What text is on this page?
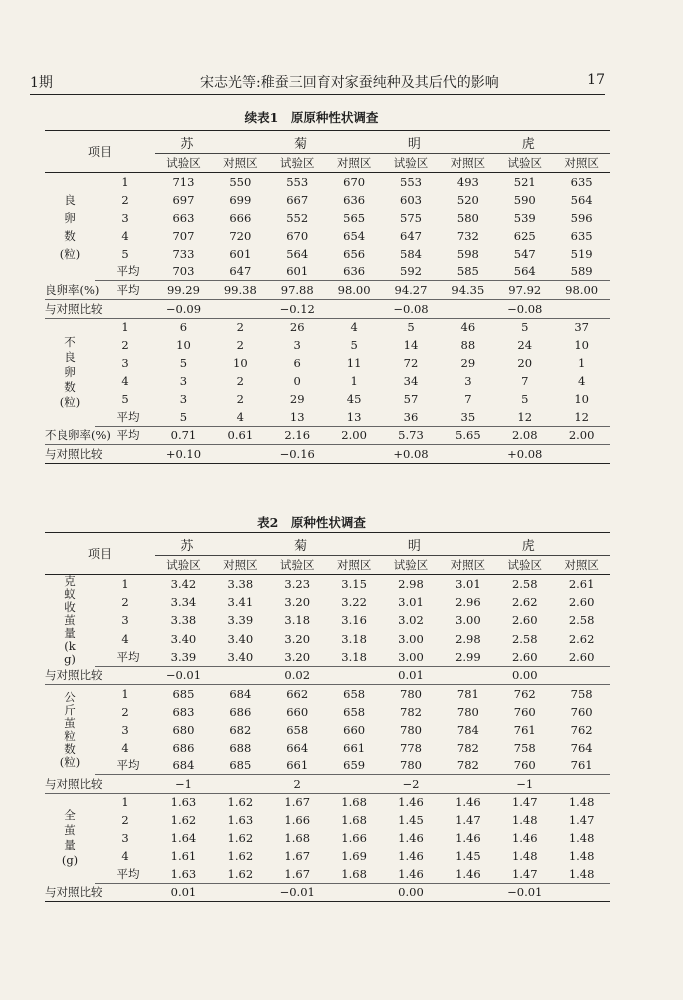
1期	宋志光等:稚蚕三回育对家蚕纯种及其后代的影响	17
续表1　原原种性状调查
项目		苏		菊		明		虎	
		试验区	对照区	试验区	对照区	试验区	对照区	试验区	对照区
良卵数(粒)	1	713	550	553	670	553	493	521	635
	2	697	699	667	636	603	520	590	564
	3	663	666	552	565	575	580	539	596
	4	707	720	670	654	647	732	625	635
	5	733	601	564	656	584	598	547	519
	平均	703	647	601	636	592	585	564	589
良卵率(%)	平均	99.29	99.38	97.88	98.00	94.27	94.35	97.92	98.00
与对照比较		−0.09		−0.12		−0.08		−0.08	
不良卵数(粒)	1	6	2	26	4	5	46	5	37
	2	10	2	3	5	14	88	24	10
	3	5	10	6	11	72	29	20	1
	4	3	2	0	1	34	3	7	4
	5	3	2	29	45	57	7	5	10
	平均	5	4	13	13	36	35	12	12
不良卵率(%)	平均	0.71	0.61	2.16	2.00	5.73	5.65	2.08	2.00
与对照比较		+0.10		−0.16		+0.08		+0.08	
表2　原种性状调查
项目		苏		菊		明		虎	
		试验区	对照区	试验区	对照区	试验区	对照区	试验区	对照区
克蚁收茧量(kg)	1	3.42	3.38	3.23	3.15	2.98	3.01	2.58	2.61
	2	3.34	3.41	3.20	3.22	3.01	2.96	2.62	2.60
	3	3.38	3.39	3.18	3.16	3.02	3.00	2.60	2.58
	4	3.40	3.40	3.20	3.18	3.00	2.98	2.58	2.62
	平均	3.39	3.40	3.20	3.18	3.00	2.99	2.60	2.60
与对照比较		−0.01		0.02		0.01		0.00	
公斤茧粒数(粒)	1	685	684	662	658	780	781	762	758
	2	683	686	660	658	782	780	760	760
	3	680	682	658	660	780	784	761	762
	4	686	688	664	661	778	782	758	764
	平均	684	685	661	659	780	782	760	761
与对照比较		−1		2		−2		−1	
全茧量(g)	1	1.63	1.62	1.67	1.68	1.46	1.46	1.47	1.48
	2	1.62	1.63	1.66	1.68	1.45	1.47	1.48	1.47
	3	1.64	1.62	1.68	1.66	1.46	1.46	1.46	1.48
	4	1.61	1.62	1.67	1.69	1.46	1.45	1.48	1.48
	平均	1.63	1.62	1.67	1.68	1.46	1.46	1.47	1.48
与对照比较		0.01		−0.01		0.00		−0.01	
